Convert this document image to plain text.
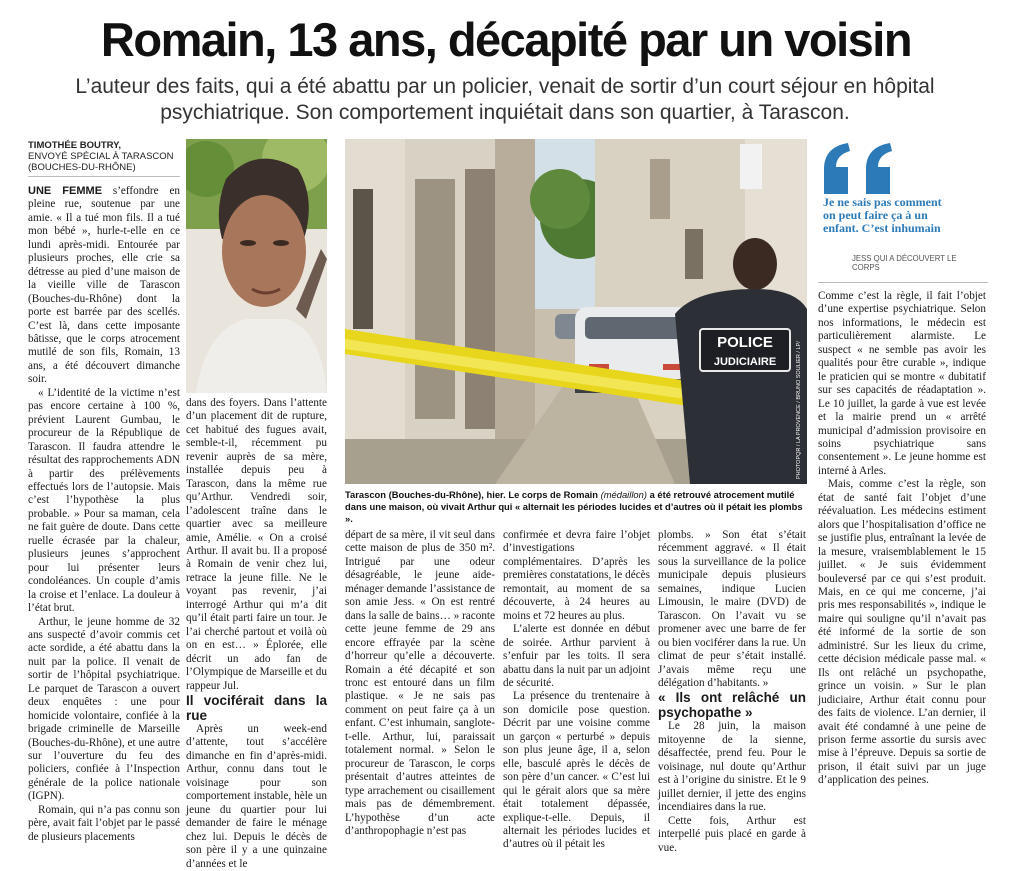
Romain, 13 ans, décapité par un voisin
L’auteur des faits, qui a été abattu par un policier, venait de sortir d’un court séjour en hôpital psychiatrique. Son comportement inquiétait dans son quartier, à Tarascon.
TIMOTHÉE BOUTRY,
ENVOYÉ SPÉCIAL À TARASCON
(BOUCHES-DU-RHÔNE)

UNE FEMME s’effondre en pleine rue, soutenue par une amie. « Il a tué mon fils. Il a tué mon bébé », hurle-t-elle en ce lundi après-midi. Entourée par plusieurs proches, elle crie sa détresse au pied d’une maison de la vieille ville de Tarascon (Bouches-du-Rhône) dont la porte est barrée par des scellés. C’est là, dans cette imposante bâtisse, que le corps atrocement mutilé de son fils, Romain, 13 ans, a été découvert dimanche soir.

« L’identité de la victime n’est pas encore certaine à 100 %, prévient Laurent Gumbau, le procureur de la République de Tarascon. Il faudra attendre le résultat des rapprochements ADN à partir des prélèvements effectués lors de l’autopsie. Mais c’est l’hypothèse la plus probable. » Pour sa maman, cela ne fait guère de doute. Dans cette ruelle écrasée par la chaleur, plusieurs jeunes s’approchent pour lui présenter leurs condoléances. Un couple d’amis la croise et l’enlace. La douleur à l’état brut.

Arthur, le jeune homme de 32 ans suspecté d’avoir commis cet acte sordide, a été abattu dans la nuit par la police. Il venait de sortir de l’hôpital psychiatrique. Le parquet de Tarascon a ouvert deux enquêtes : une pour homicide volontaire, confiée à la brigade criminelle de Marseille (Bouches-du-Rhône), et une autre sur l’ouverture du feu des policiers, confiée à l’Inspection générale de la police nationale (IGPN).

Romain, qui n’a pas connu son père, avait fait l’objet par le passé de plusieurs placements

POLICE
JUDICIAIRE	PHOTOPQR / LA PROVENCE / BRUNO SOULIER / LP/
Tarascon (Bouches-du-Rhône), hier. Le corps de Romain (médaillon) a été retrouvé atrocement mutilé dans une maison, où vivait Arthur qui « alternait les périodes lucides et d’autres où il pétait les plombs ».

dans des foyers. Dans l’attente d’un placement dit de rupture, cet habitué des fugues avait, semble-t-il, récemment pu revenir auprès de sa mère, installée depuis peu à Tarascon, dans la même rue qu’Arthur. Vendredi soir, l’adolescent traîne dans le quartier avec sa meilleure amie, Amélie. « On a croisé Arthur. Il avait bu. Il a proposé à Romain de venir chez lui, retrace la jeune fille. Ne le voyant pas revenir, j’ai interrogé Arthur qui m’a dit qu’il était parti faire un tour. Je l’ai cherché partout et voilà où on en est… » Éplorée, elle décrit un ado fan de l’Olympique de Marseille et du rappeur Jul.

Il vociférait dans la rue

Après un week-end d’attente, tout s’accélère dimanche en fin d’après-midi. Arthur, connu dans tout le voisinage pour son comportement instable, hèle un jeune du quartier pour lui demander de faire le ménage chez lui. Depuis le décès de son père il y a une quinzaine d’années et le

départ de sa mère, il vit seul dans cette maison de plus de 350 m². Intrigué par une odeur désagréable, le jeune aide-ménager demande l’assistance de son amie Jess. « On est rentré dans la salle de bains… » raconte cette jeune femme de 29 ans encore effrayée par la scène d’horreur qu’elle a découverte. Romain a été décapité et son tronc est entouré dans un film plastique. « Je ne sais pas comment on peut faire ça à un enfant. C’est inhumain, sanglote-t-elle. Arthur, lui, paraissait totalement normal. » Selon le procureur de Tarascon, le corps présentait d’autres atteintes de type arrachement ou cisaillement mais pas de démembrement. L’hypothèse d’un acte d’anthropophagie n’est pas

confirmée et devra faire l’objet d’investigations complémentaires. D’après les premières constatations, le décès remontait, au moment de sa découverte, à 24 heures au moins et 72 heures au plus.

L’alerte est donnée en début de soirée. Arthur parvient à s’enfuir par les toits. Il sera abattu dans la nuit par un adjoint de sécurité.

La présence du trentenaire à son domicile pose question. Décrit par une voisine comme un garçon « perturbé » depuis son plus jeune âge, il a, selon elle, basculé après le décès de son père d’un cancer. « C’est lui qui le gérait alors que sa mère était totalement dépassée, explique-t-elle. Depuis, il alternait les périodes lucides et d’autres où il pétait les

plombs. » Son état s’était récemment aggravé. « Il était sous la surveillance de la police municipale depuis plusieurs semaines, indique Lucien Limousin, le maire (DVD) de Tarascon. On l’avait vu se promener avec une barre de fer ou bien vociférer dans la rue. Un climat de peur s’était installé. J’avais même reçu une délégation d’habitants. »

« Ils ont relâché un psychopathe »

Le 28 juin, la maison mitoyenne de la sienne, désaffectée, prend feu. Pour le voisinage, nul doute qu’Arthur est à l’origine du sinistre. Et le 9 juillet dernier, il jette des engins incendiaires dans la rue.

Cette fois, Arthur est interpellé puis placé en garde à vue.

Je ne sais pas comment on peut faire ça à un enfant. C’est inhumain
JESS QUI A DÉCOUVERT LE CORPS

Comme c’est la règle, il fait l’objet d’une expertise psychiatrique. Selon nos informations, le médecin est particulièrement alarmiste. Le suspect « ne semble pas avoir les qualités pour être curable », indique le praticien qui se montre « dubitatif sur ses capacités de réadaptation ». Le 10 juillet, la garde à vue est levée et la mairie prend un « arrêté municipal d’admission provisoire en soins psychiatrique sans consentement ». Le jeune homme est interné à Arles.

Mais, comme c’est la règle, son état de santé fait l’objet d’une réévaluation. Les médecins estiment alors que l’hospitalisation d’office ne se justifie plus, entraînant la levée de la mesure, vraisemblablement le 15 juillet. « Je suis évidemment bouleversé par ce qui s’est produit. Mais, en ce qui me concerne, j’ai pris mes responsabilités », indique le maire qui souligne qu’il n’avait pas été informé de la sortie de son administré. Sur les lieux du crime, cette décision médicale passe mal. « Ils ont relâché un psychopathe, grince un voisin. » Sur le plan judiciaire, Arthur était connu pour des faits de violence. L’an dernier, il avait été condamné à une peine de prison ferme assortie du sursis avec mise à l’épreuve. Depuis sa sortie de prison, il était suivi par un juge d’application des peines.
